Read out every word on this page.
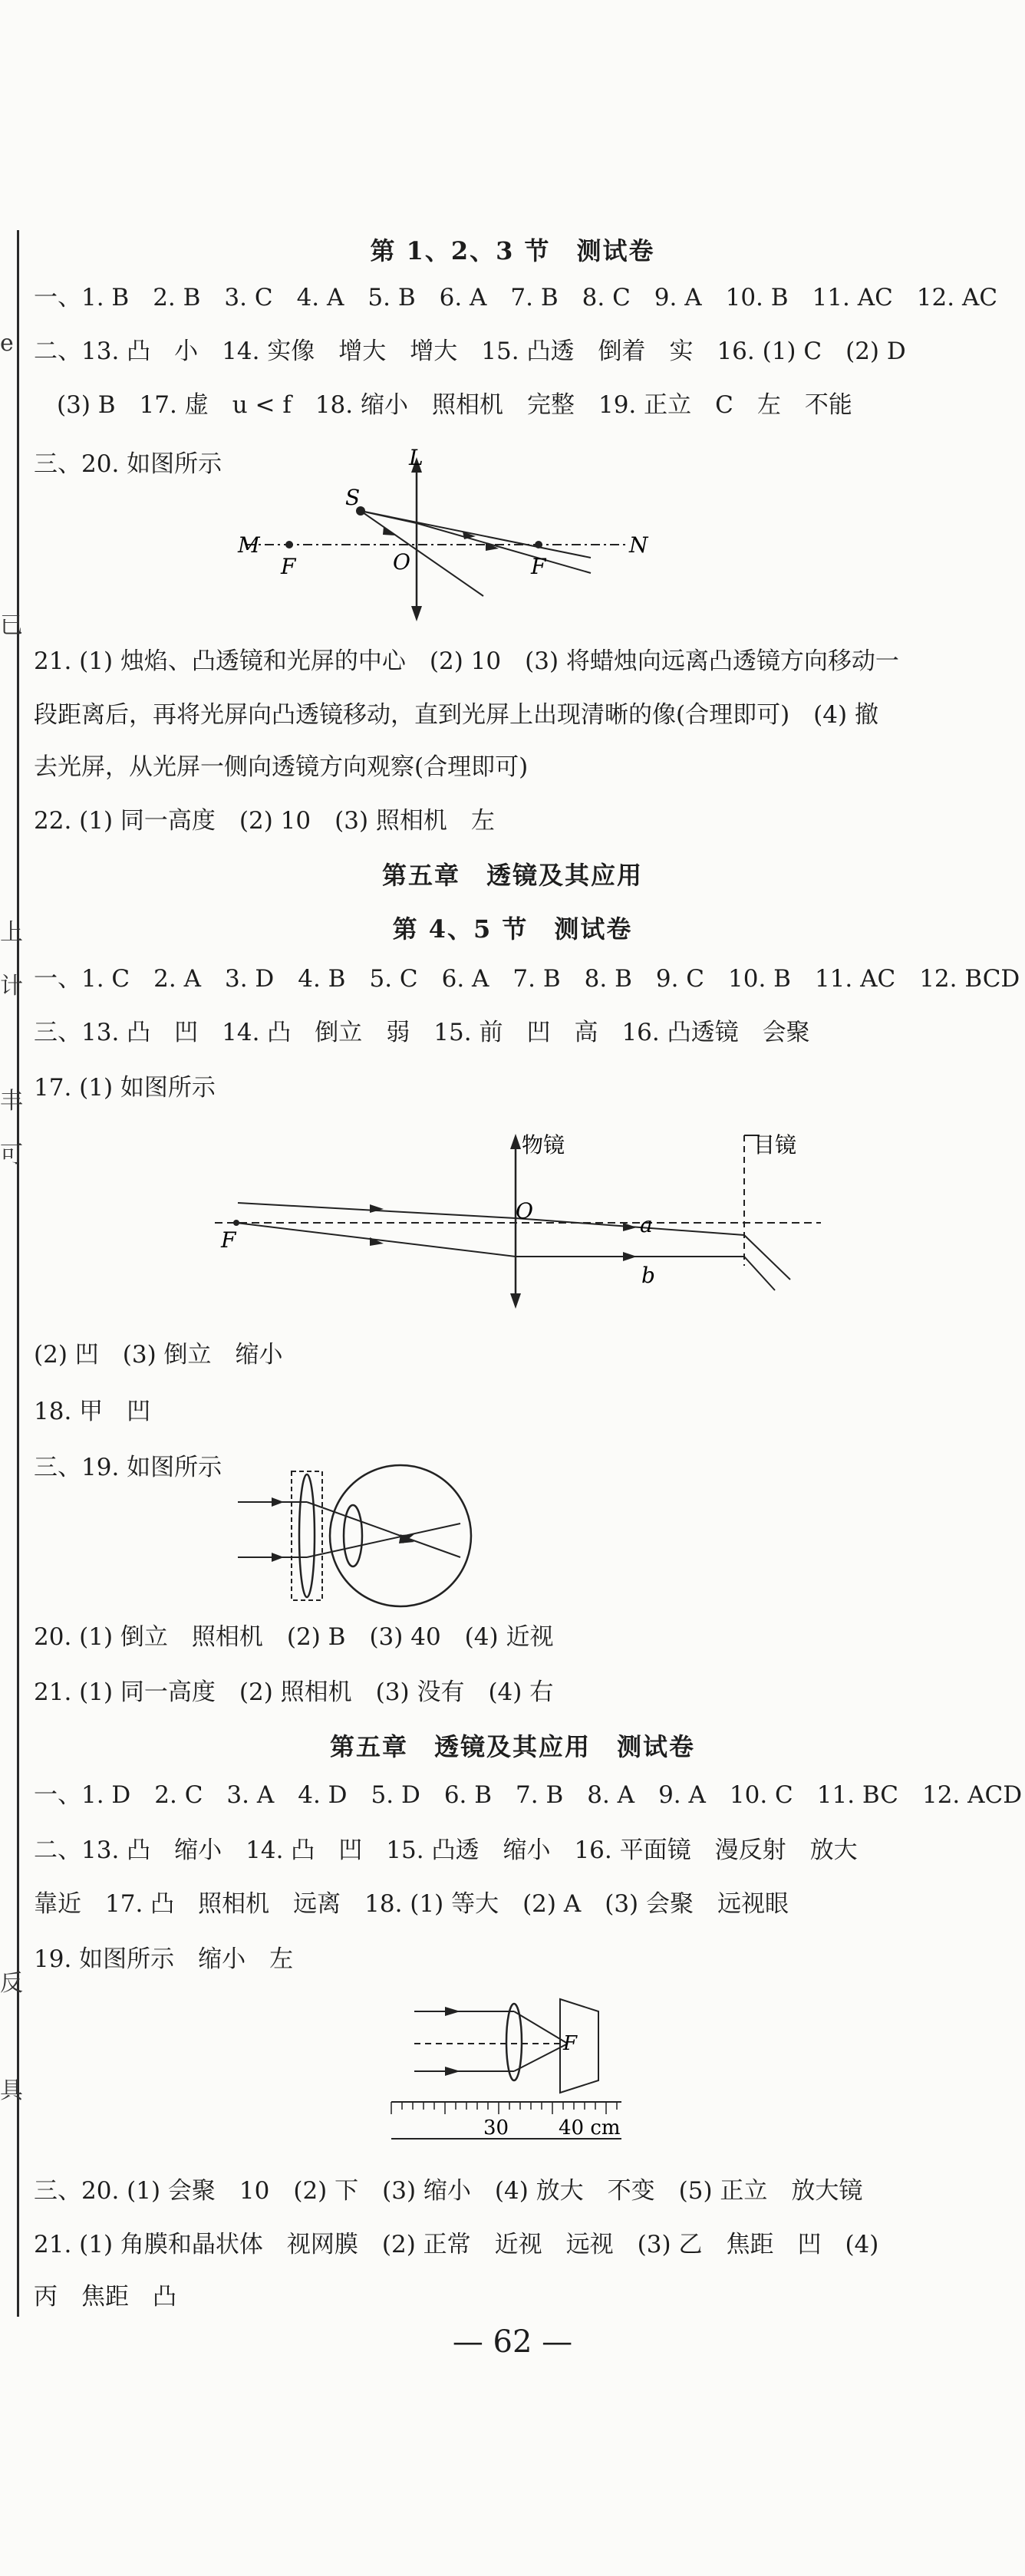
e
已
上
计
丰
可
反
具
第 1、2、3 节　测试卷
一、1. B　2. B　3. C　4. A　5. B　6. A　7. B　8. C　9. A　10. B　11. AC　12. AC
二、13. 凸　小　14. 实像　增大　增大　15. 凸透　倒着　实　16. (1) C　(2) D
(3) B　17. 虚　u < f　18. 缩小　照相机　完整　19. 正立　C　左　不能
三、20. 如图所示	L
S
M	N
F	O	F
21. (1) 烛焰、凸透镜和光屏的中心　(2) 10　(3) 将蜡烛向远离凸透镜方向移动一
段距离后，再将光屏向凸透镜移动，直到光屏上出现清晰的像(合理即可)　(4) 撤
去光屏，从光屏一侧向透镜方向观察(合理即可)
22. (1) 同一高度　(2) 10　(3) 照相机　左
第五章　透镜及其应用
第 4、5 节　测试卷
一、1. C　2. A　3. D　4. B　5. C　6. A　7. B　8. B　9. C　10. B　11. AC　12. BCD
三、13. 凸　凹　14. 凸　倒立　弱　15. 前　凹　高　16. 凸透镜　会聚
17. (1) 如图所示
物镜	目镜
O
F
a
b
(2) 凹　(3) 倒立　缩小
18. 甲　凹
三、19. 如图所示
20. (1) 倒立　照相机　(2) B　(3) 40　(4) 近视
21. (1) 同一高度　(2) 照相机　(3) 没有　(4) 右
第五章　透镜及其应用　测试卷
一、1. D　2. C　3. A　4. D　5. D　6. B　7. B　8. A　9. A　10. C　11. BC　12. ACD
二、13. 凸　缩小　14. 凸　凹　15. 凸透　缩小　16. 平面镜　漫反射　放大
靠近　17. 凸　照相机　远离　18. (1) 等大　(2) A　(3) 会聚　远视眼
19. 如图所示　缩小　左
F
30 40 cm
三、20. (1) 会聚　10　(2) 下　(3) 缩小　(4) 放大　不变　(5) 正立　放大镜
21. (1) 角膜和晶状体　视网膜　(2) 正常　近视　远视　(3) 乙　焦距　凹　(4)
丙　焦距　凸
— 62 —
